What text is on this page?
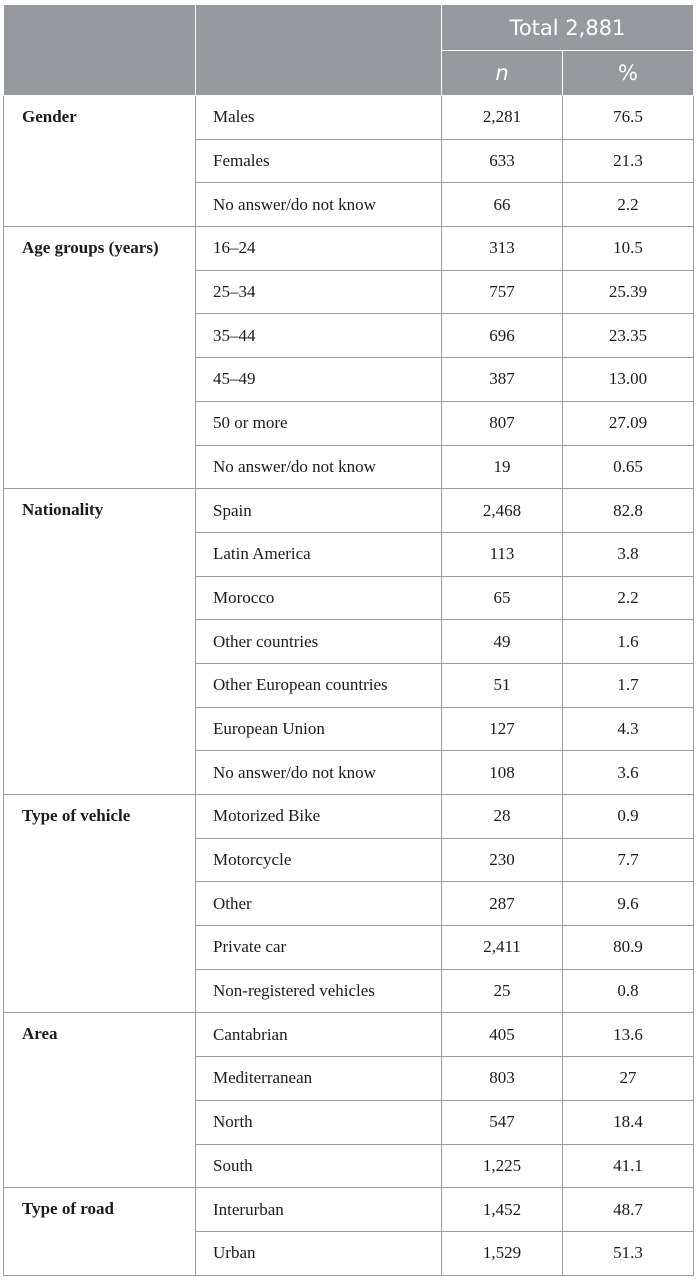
		Total 2,881	
		n	%
Gender	Males	2,281	76.5
	Females	633	21.3
	No answer/do not know	66	2.2
Age groups (years)	16–24	313	10.5
	25–34	757	25.39
	35–44	696	23.35
	45–49	387	13.00
	50 or more	807	27.09
	No answer/do not know	19	0.65
Nationality	Spain	2,468	82.8
	Latin America	113	3.8
	Morocco	65	2.2
	Other countries	49	1.6
	Other European countries	51	1.7
	European Union	127	4.3
	No answer/do not know	108	3.6
Type of vehicle	Motorized Bike	28	0.9
	Motorcycle	230	7.7
	Other	287	9.6
	Private car	2,411	80.9
	Non-registered vehicles	25	0.8
Area	Cantabrian	405	13.6
	Mediterranean	803	27
	North	547	18.4
	South	1,225	41.1
Type of road	Interurban	1,452	48.7
	Urban	1,529	51.3
